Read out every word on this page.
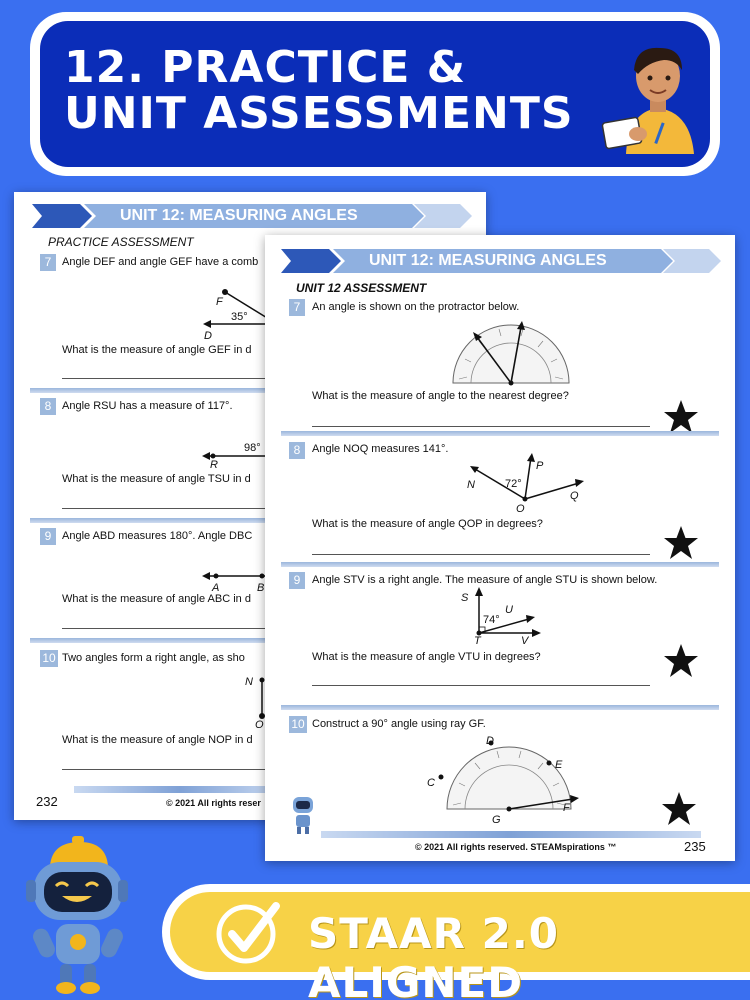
12. PRACTICE & UNIT ASSESSMENTS
UNIT 12: MEASURING ANGLES
PRACTICE ASSESSMENT
7 Angle DEF and angle GEF have a comb
F
35°
D
What is the measure of angle GEF in d
8 Angle RSU has a measure of 117°.
98°
R
What is the measure of angle TSU in d
9 Angle ABD measures 180°. Angle DBC
A	B
What is the measure of angle ABC in d
10 Two angles form a right angle, as sho
N
O
What is the measure of angle NOP in d
232	© 2021 All rights reser
UNIT 12: MEASURING ANGLES
UNIT 12 ASSESSMENT
7	An angle is shown on the protractor below.
What is the measure of angle to the nearest degree?
8	Angle NOQ measures 141°.
P
N	72°
Q
O
What is the measure of angle QOP in degrees?
9	Angle STV is a right angle. The measure of angle STU is shown below.
S
U
74°
T	V
What is the measure of angle VTU in degrees?
10 Construct a 90° angle using ray GF.
D
E
C
F
G
© 2021 All rights reserved. STEAMspirations ™	235
STAAR 2.0 ALIGNED
